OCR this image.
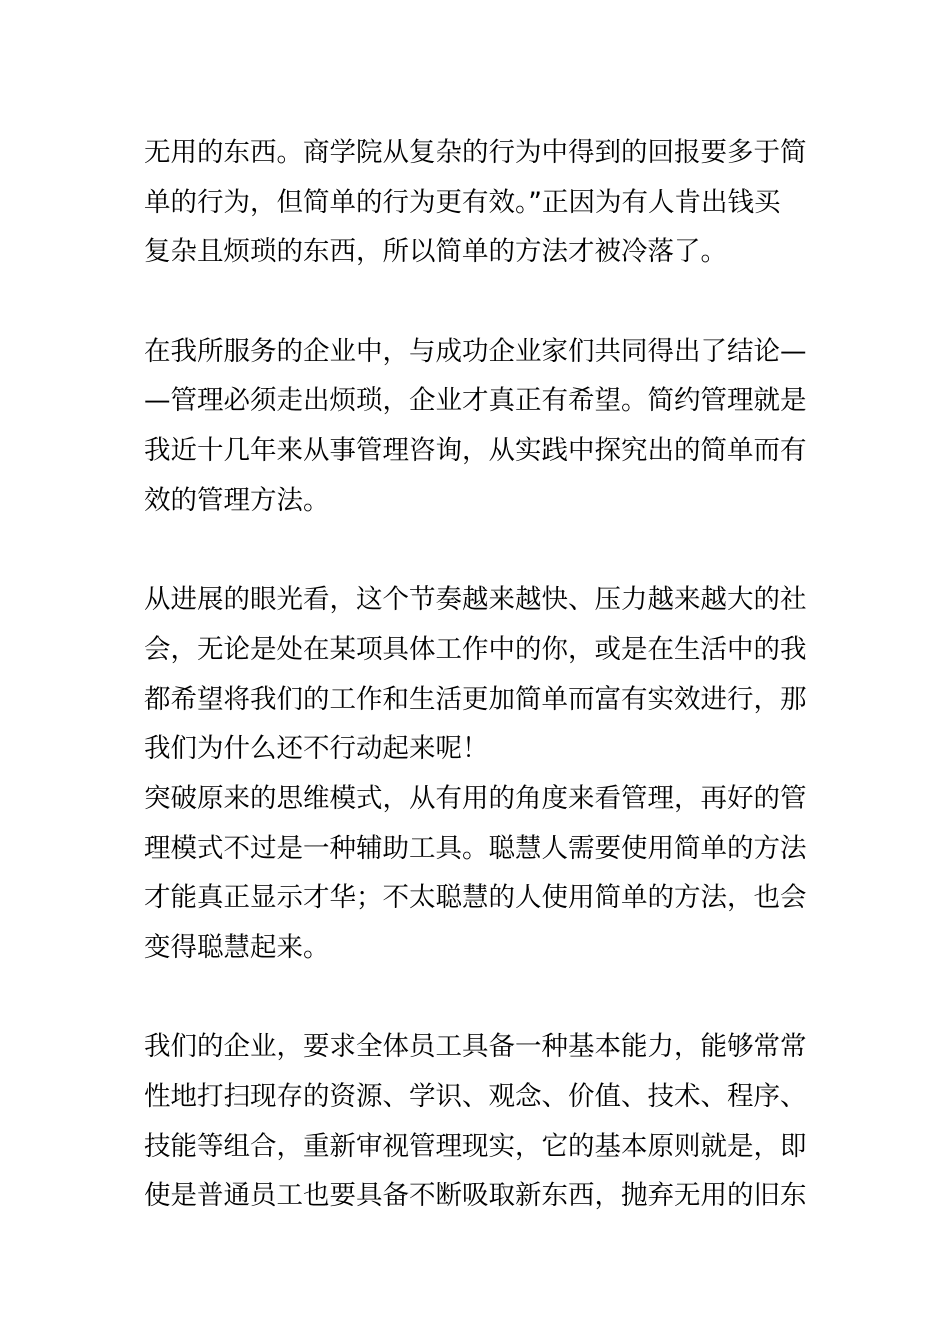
无用的东西。商学院从复杂的行为中得到的回报要多于简
单的行为，但简单的行为更有效。”正因为有人肯出钱买
复杂且烦琐的东西，所以简单的方法才被冷落了。
在我所服务的企业中，与成功企业家们共同得出了结论—
—管理必须走出烦琐，企业才真正有希望。简约管理就是
我近十几年来从事管理咨询，从实践中探究出的简单而有
效的管理方法。
从进展的眼光看，这个节奏越来越快、压力越来越大的社
会，无论是处在某项具体工作中的你，或是在生活中的我
都希望将我们的工作和生活更加简单而富有实效进行，那
我们为什么还不行动起来呢！
突破原来的思维模式，从有用的角度来看管理，再好的管
理模式不过是一种辅助工具。聪慧人需要使用简单的方法
才能真正显示才华；不太聪慧的人使用简单的方法，也会
变得聪慧起来。
我们的企业，要求全体员工具备一种基本能力，能够常常
性地打扫现存的资源、学识、观念、价值、技术、程序、
技能等组合，重新审视管理现实，它的基本原则就是，即
使是普通员工也要具备不断吸取新东西，抛弃无用的旧东
